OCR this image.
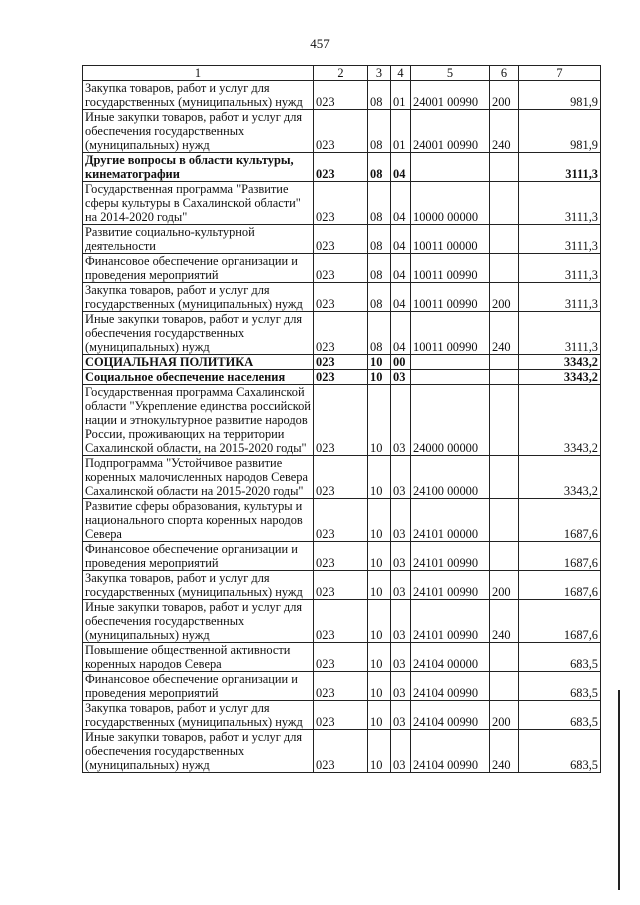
457
1	2	3	4	5	6	7
Закупка товаров, работ и услуг для государственных (муниципальных) нужд	023	08	01	24001 00990	200	981,9
Иные закупки товаров, работ и услуг для обеспечения государственных (муниципальных) нужд	023	08	01	24001 00990	240	981,9
Другие вопросы в области культуры, кинематографии	023	08	04			3111,3
Государственная программа "Развитие сферы культуры в Сахалинской области" на 2014-2020 годы"	023	08	04	10000 00000		3111,3
Развитие социально-культурной деятельности	023	08	04	10011 00000		3111,3
Финансовое обеспечение организации и проведения мероприятий	023	08	04	10011 00990		3111,3
Закупка товаров, работ и услуг для государственных (муниципальных) нужд	023	08	04	10011 00990	200	3111,3
Иные закупки товаров, работ и услуг для обеспечения государственных (муниципальных) нужд	023	08	04	10011 00990	240	3111,3
СОЦИАЛЬНАЯ ПОЛИТИКА	023	10	00			3343,2
Социальное обеспечение населения	023	10	03			3343,2
Государственная программа Сахалинской области "Укрепление единства российской нации и этнокультурное развитие народов России, проживающих на территории Сахалинской области, на 2015-2020 годы"	023	10	03	24000 00000		3343,2
Подпрограмма "Устойчивое развитие коренных малочисленных народов Севера Сахалинской области на 2015-2020 годы"	023	10	03	24100 00000		3343,2
Развитие сферы образования, культуры и национального спорта коренных народов Севера	023	10	03	24101 00000		1687,6
Финансовое обеспечение организации и проведения мероприятий	023	10	03	24101 00990		1687,6
Закупка товаров, работ и услуг для государственных (муниципальных) нужд	023	10	03	24101 00990	200	1687,6
Иные закупки товаров, работ и услуг для обеспечения государственных (муниципальных) нужд	023	10	03	24101 00990	240	1687,6
Повышение общественной активности коренных народов Севера	023	10	03	24104 00000		683,5
Финансовое обеспечение организации и проведения мероприятий	023	10	03	24104 00990		683,5
Закупка товаров, работ и услуг для государственных (муниципальных) нужд	023	10	03	24104 00990	200	683,5
Иные закупки товаров, работ и услуг для обеспечения государственных (муниципальных) нужд	023	10	03	24104 00990	240	683,5
